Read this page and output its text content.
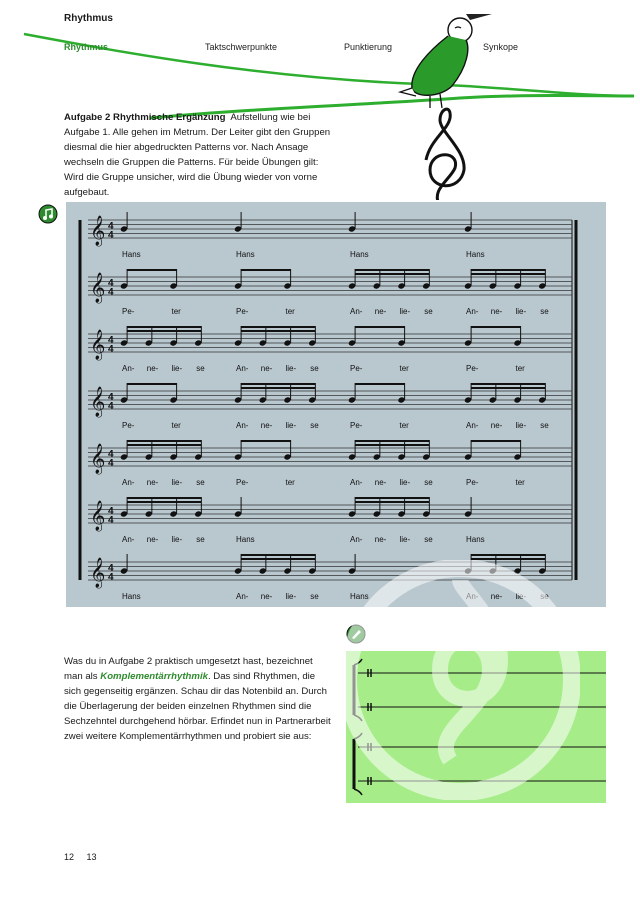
Rhythmus
Rhythmus	Taktschwerpunkte	Punktierung	Synkope
Aufgabe 2 Rhythmische Ergänzung Aufstellung wie bei Aufgabe 1. Alle gehen im Metrum. Der Leiter gibt den Gruppen diesmal die hier abgedruckten Patterns vor. Nach Ansage wechseln die Gruppen die Patterns. Für beide Übungen gilt: Wird die Gruppe unsicher, wird die Übung wieder von vorne aufgebaut.
𝄞 4
4
Hans	Hans	Hans	Hans
𝄞 4
4
Pe-	ter	Pe-	ter	An- ne- lie- se	An- ne- lie- se
𝄞 4
4
An- ne- lie- se	An- ne- lie- se	Pe-	ter	Pe-	ter
𝄞 4
4
Pe-	ter	An- ne- lie- se	Pe-	ter	An- ne- lie- se
𝄞 4
4
An- ne- lie- se	Pe-	ter	An- ne- lie- se	Pe-	ter
𝄞 4
4
An- ne- lie- se	Hans	An- ne- lie- se	Hans
𝄞 4
4
Hans	An- ne- lie- se	Hans	An- ne- lie- se
Was du in Aufgabe 2 praktisch umgesetzt hast, bezeichnet man als Komplementärrhythmik. Das sind Rhythmen, die sich gegenseitig ergänzen. Schau dir das Notenbild an. Durch die Überlagerung der beiden einzelnen Rhythmen sind die Sechzehntel durchgehend hörbar. Erfindet nun in Partnerarbeit zwei weitere Komplementärrhythmen und probiert sie aus:
12 13
